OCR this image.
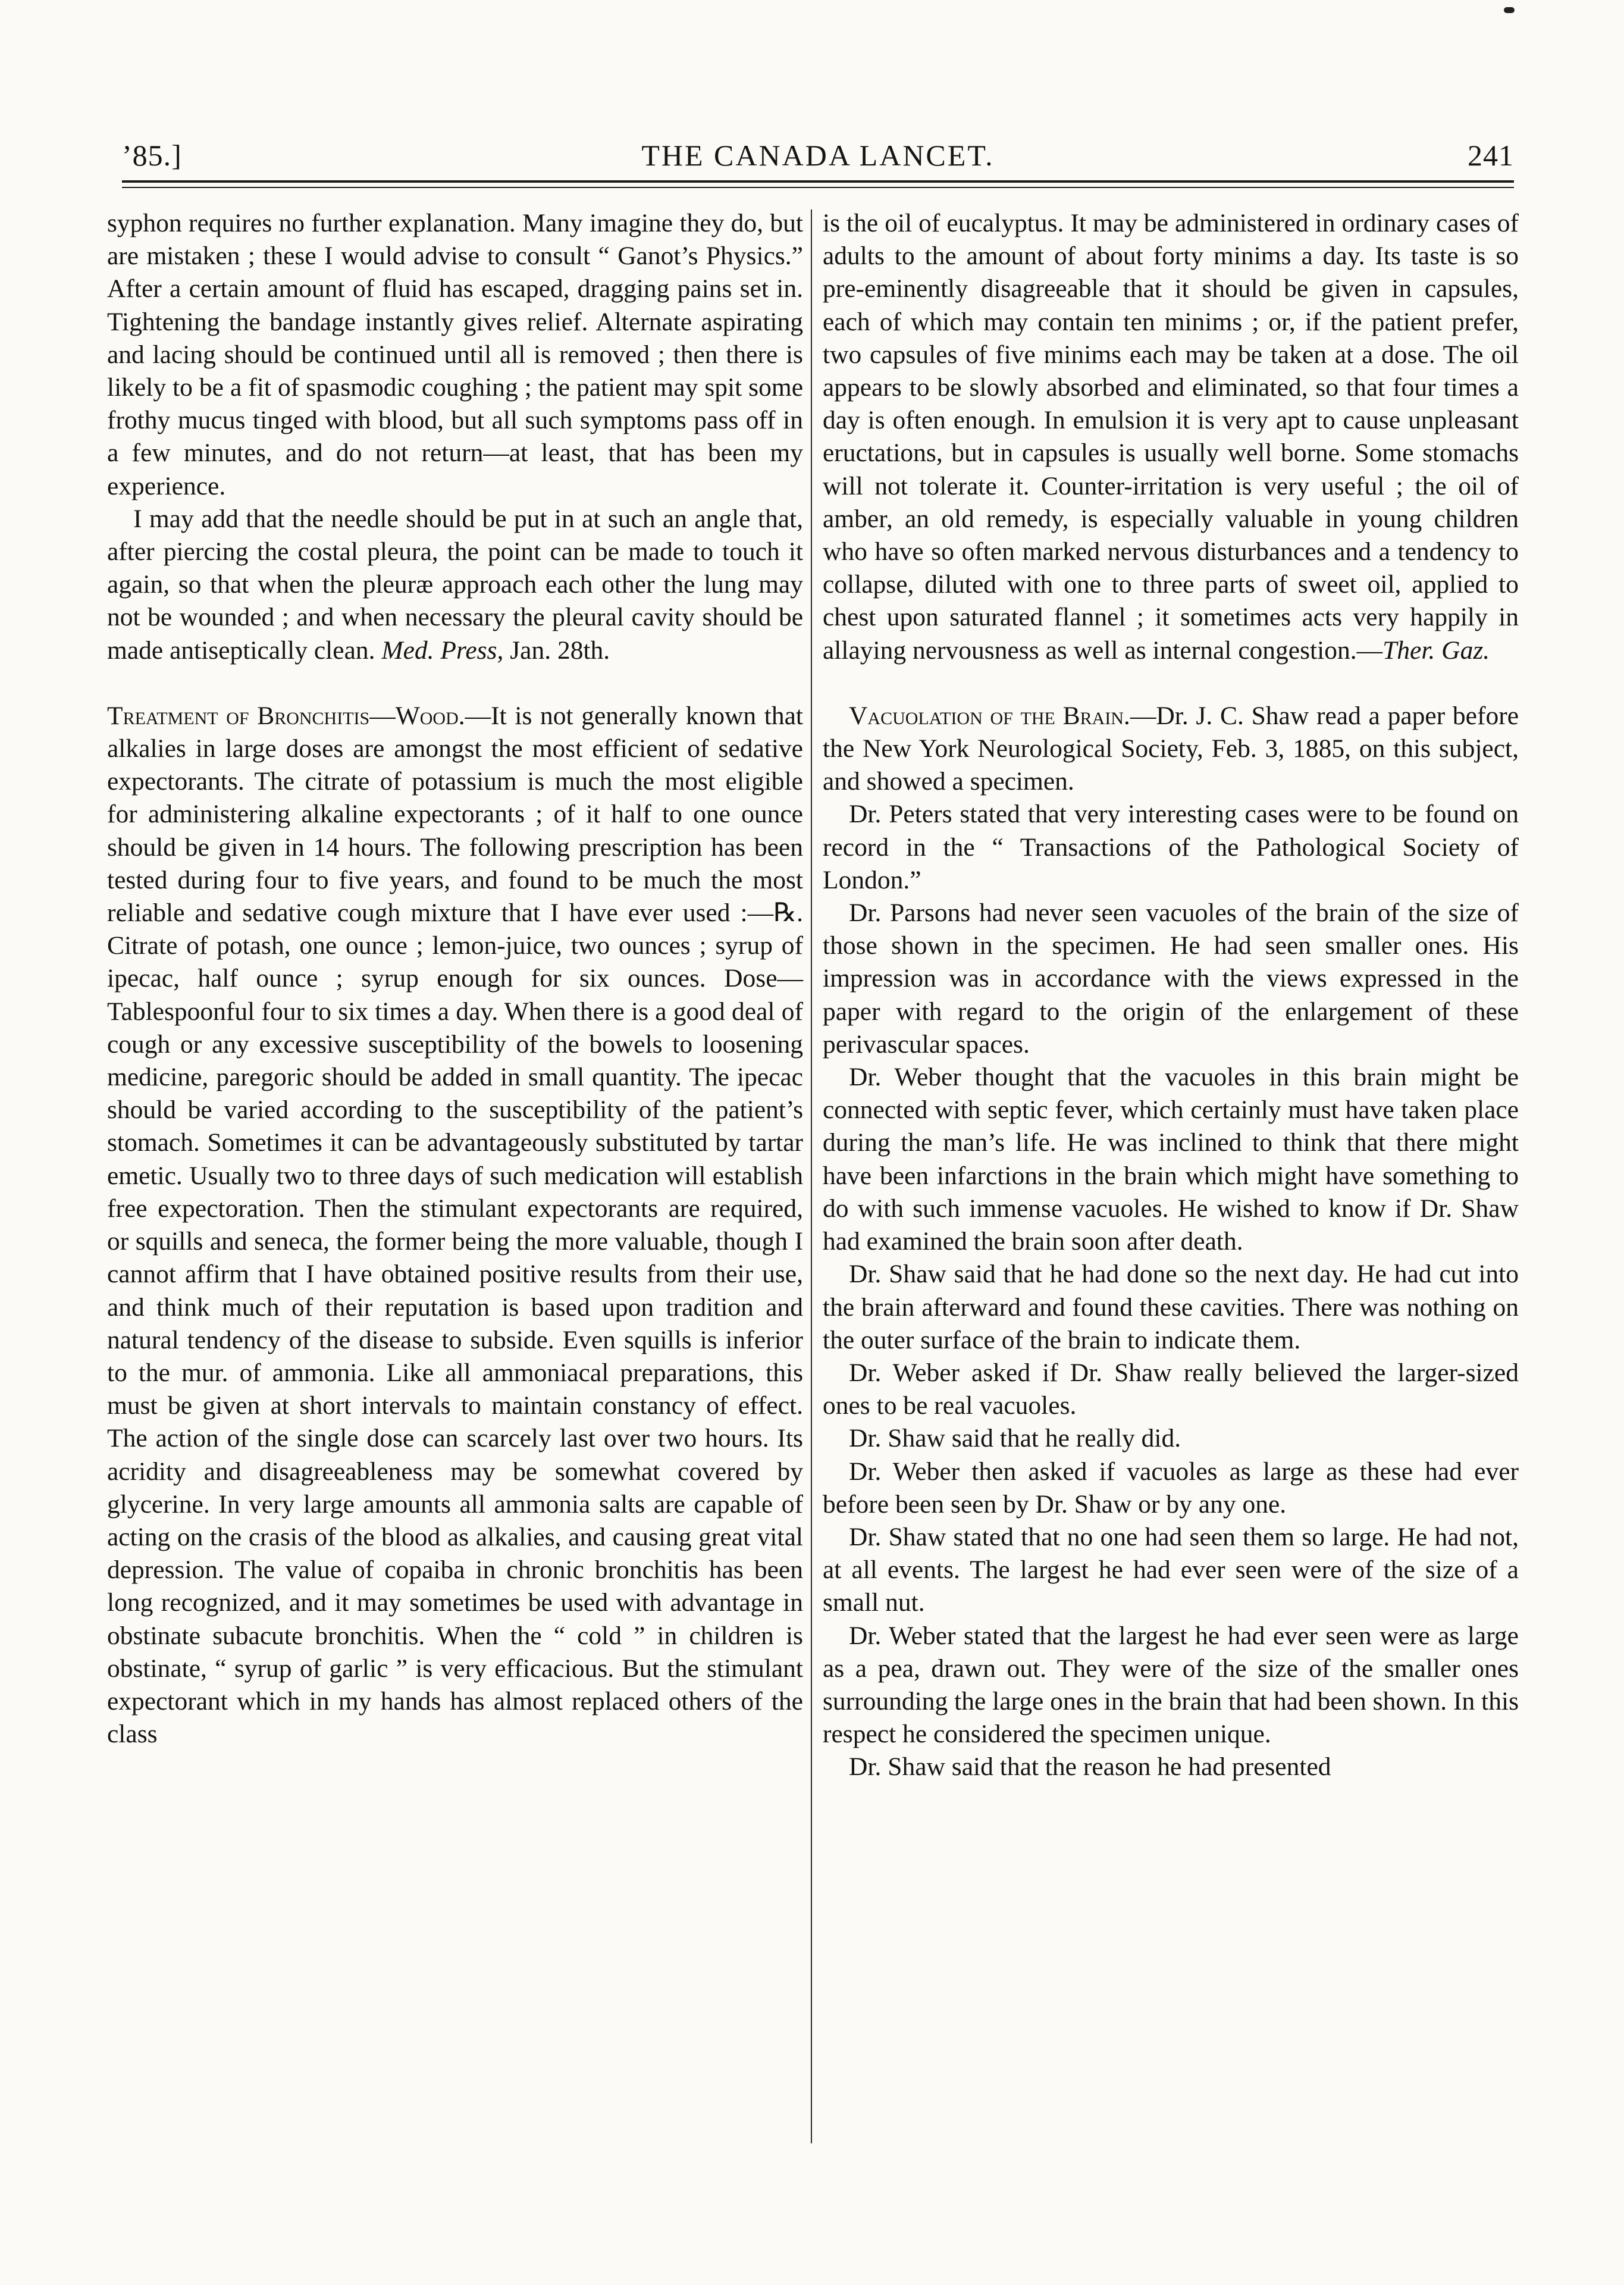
’85.]	THE CANADA LANCET.	241

syphon requires no further explanation. Many imagine they do, but are mistaken ; these I would advise to consult “ Ganot’s Physics.” After a certain amount of fluid has escaped, dragging pains set in. Tightening the bandage instantly gives relief. Alternate aspirating and lacing should be continued until all is removed ; then there is likely to be a fit of spasmodic coughing ; the patient may spit some frothy mucus tinged with blood, but all such symptoms pass off in a few minutes, and do not return—at least, that has been my experience.

I may add that the needle should be put in at such an angle that, after piercing the costal pleura, the point can be made to touch it again, so that when the pleuræ approach each other the lung may not be wounded ; and when necessary the pleural cavity should be made antiseptically clean. Med. Press, Jan. 28th.

Treatment of Bronchitis—Wood.—It is not generally known that alkalies in large doses are amongst the most efficient of sedative expectorants. The citrate of potassium is much the most eligible for administering alkaline expectorants ; of it half to one ounce should be given in 14 hours. The following prescription has been tested during four to five years, and found to be much the most reliable and sedative cough mixture that I have ever used :—℞. Citrate of potash, one ounce ; lemon-juice, two ounces ; syrup of ipecac, half ounce ; syrup enough for six ounces. Dose—Tablespoonful four to six times a day. When there is a good deal of cough or any excessive susceptibility of the bowels to loosening medicine, paregoric should be added in small quantity. The ipecac should be varied according to the susceptibility of the patient’s stomach. Sometimes it can be advantageously substituted by tartar emetic. Usually two to three days of such medication will establish free expectoration. Then the stimulant expectorants are required, or squills and seneca, the former being the more valuable, though I cannot affirm that I have obtained positive results from their use, and think much of their reputation is based upon tradition and natural tendency of the disease to subside. Even squills is inferior to the mur. of ammonia. Like all ammoniacal preparations, this must be given at short intervals to maintain constancy of effect. The action of the single dose can scarcely last over two hours. Its acridity and disagreeableness may be somewhat covered by glycerine. In very large amounts all ammonia salts are capable of acting on the crasis of the blood as alkalies, and causing great vital depression. The value of copaiba in chronic bronchitis has been long recognized, and it may sometimes be used with advantage in obstinate subacute bronchitis. When the “ cold ” in children is obstinate, “ syrup of garlic ” is very efficacious. But the stimulant expectorant which in my hands has almost replaced others of the class

is the oil of eucalyptus. It may be administered in ordinary cases of adults to the amount of about forty minims a day. Its taste is so pre-eminently disagreeable that it should be given in capsules, each of which may contain ten minims ; or, if the patient prefer, two capsules of five minims each may be taken at a dose. The oil appears to be slowly absorbed and eliminated, so that four times a day is often enough. In emulsion it is very apt to cause unpleasant eructations, but in capsules is usually well borne. Some stomachs will not tolerate it. Counter-irritation is very useful ; the oil of amber, an old remedy, is especially valuable in young children who have so often marked nervous disturbances and a tendency to collapse, diluted with one to three parts of sweet oil, applied to chest upon saturated flannel ; it sometimes acts very happily in allaying nervousness as well as internal congestion.—Ther. Gaz.

Vacuolation of the Brain.—Dr. J. C. Shaw read a paper before the New York Neurological Society, Feb. 3, 1885, on this subject, and showed a specimen.

Dr. Peters stated that very interesting cases were to be found on record in the “ Transactions of the Pathological Society of London.”

Dr. Parsons had never seen vacuoles of the brain of the size of those shown in the specimen. He had seen smaller ones. His impression was in accordance with the views expressed in the paper with regard to the origin of the enlargement of these perivascular spaces.

Dr. Weber thought that the vacuoles in this brain might be connected with septic fever, which certainly must have taken place during the man’s life. He was inclined to think that there might have been infarctions in the brain which might have something to do with such immense vacuoles. He wished to know if Dr. Shaw had examined the brain soon after death.

Dr. Shaw said that he had done so the next day. He had cut into the brain afterward and found these cavities. There was nothing on the outer surface of the brain to indicate them.

Dr. Weber asked if Dr. Shaw really believed the larger-sized ones to be real vacuoles.

Dr. Shaw said that he really did.

Dr. Weber then asked if vacuoles as large as these had ever before been seen by Dr. Shaw or by any one.

Dr. Shaw stated that no one had seen them so large. He had not, at all events. The largest he had ever seen were of the size of a small nut.

Dr. Weber stated that the largest he had ever seen were as large as a pea, drawn out. They were of the size of the smaller ones surrounding the large ones in the brain that had been shown. In this respect he considered the specimen unique.

Dr. Shaw said that the reason he had presented
